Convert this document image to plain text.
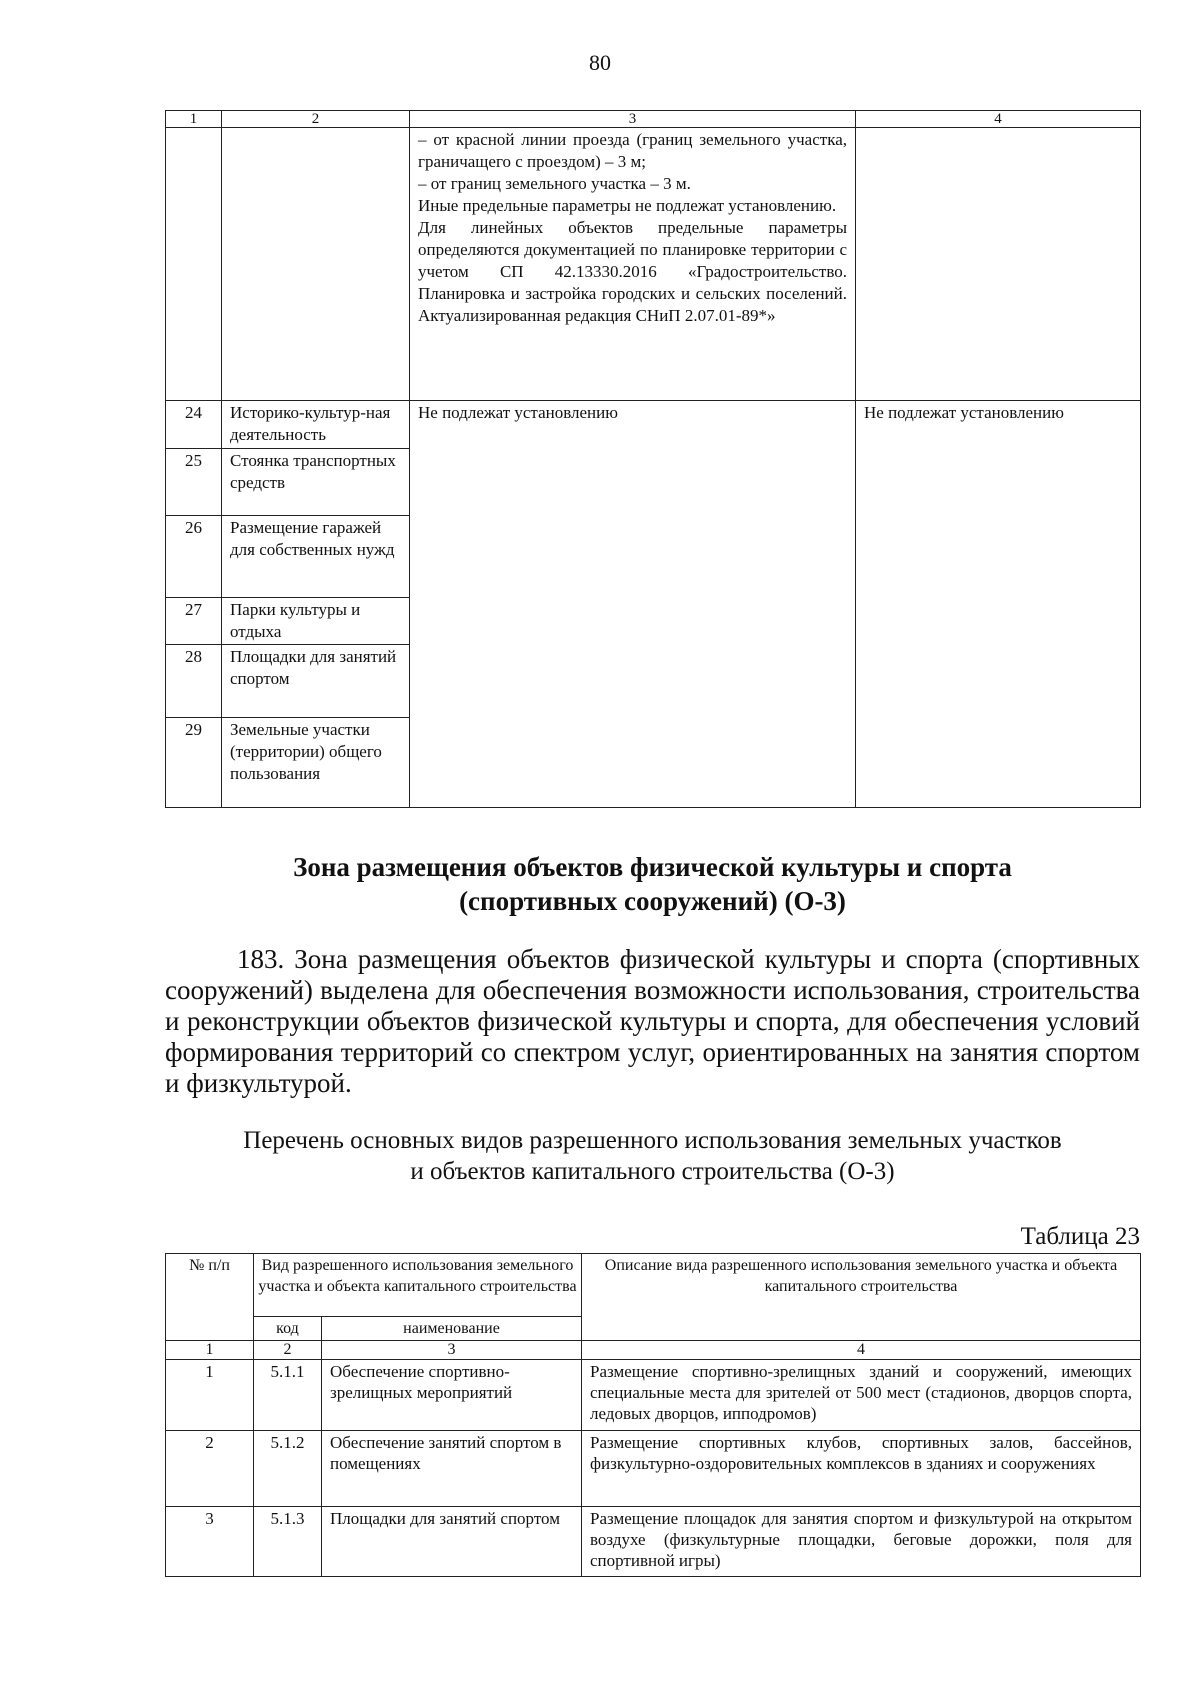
80
1	2	3	4

		– от красной линии проезда (границ земельного участка, граничащего с проездом) – 3 м;
– от границ земельного участка – 3 м.
Иные предельные параметры не подлежат установлению.
Для линейных объектов предельные параметры определяются документацией по планировке территории с учетом СП 42.13330.2016 «Градостроительство. Планировка и застройка городских и сельских поселений. Актуализированная редакция СНиП 2.07.01-89*»	

24	Историко-культур-ная деятельность	Не подлежат установлению	Не подлежат установлению
25	Стоянка транспортных средств		
26	Размещение гаражей для собственных нужд		
27	Парки культуры и отдыха		
28	Площадки для занятий спортом		
29	Земельные участки (территории) общего пользования		
Зона размещения объектов физической культуры и спорта
(спортивных сооружений) (О-3)
183. Зона размещения объектов физической культуры и спорта (спортивных сооружений) выделена для обеспечения возможности использования, строительства и реконструкции объектов физической культуры и спорта, для обеспечения условий формирования территорий со спектром услуг, ориентированных на занятия спортом и физкультурой.
Перечень основных видов разрешенного использования земельных участков
и объектов капитального строительства (О-3)
Таблица 23
№ п/п	Вид разрешенного использования земельного участка и объекта капитального строительства		Описание вида разрешенного использования земельного участка и объекта капитального строительства
	код	наименование	
1	2	3	4
1	5.1.1	Обеспечение спортивно-зрелищных мероприятий	Размещение спортивно-зрелищных зданий и сооружений, имеющих специальные места для зрителей от 500 мест (стадионов, дворцов спорта, ледовых дворцов, ипподромов)
2	5.1.2	Обеспечение занятий спортом в помещениях	Размещение спортивных клубов, спортивных залов, бассейнов, физкультурно-оздоровительных комплексов в зданиях и сооружениях
3	5.1.3	Площадки для занятий спортом	Размещение площадок для занятия спортом и физкультурой на открытом воздухе (физкультурные площадки, беговые дорожки, поля для спортивной игры)
